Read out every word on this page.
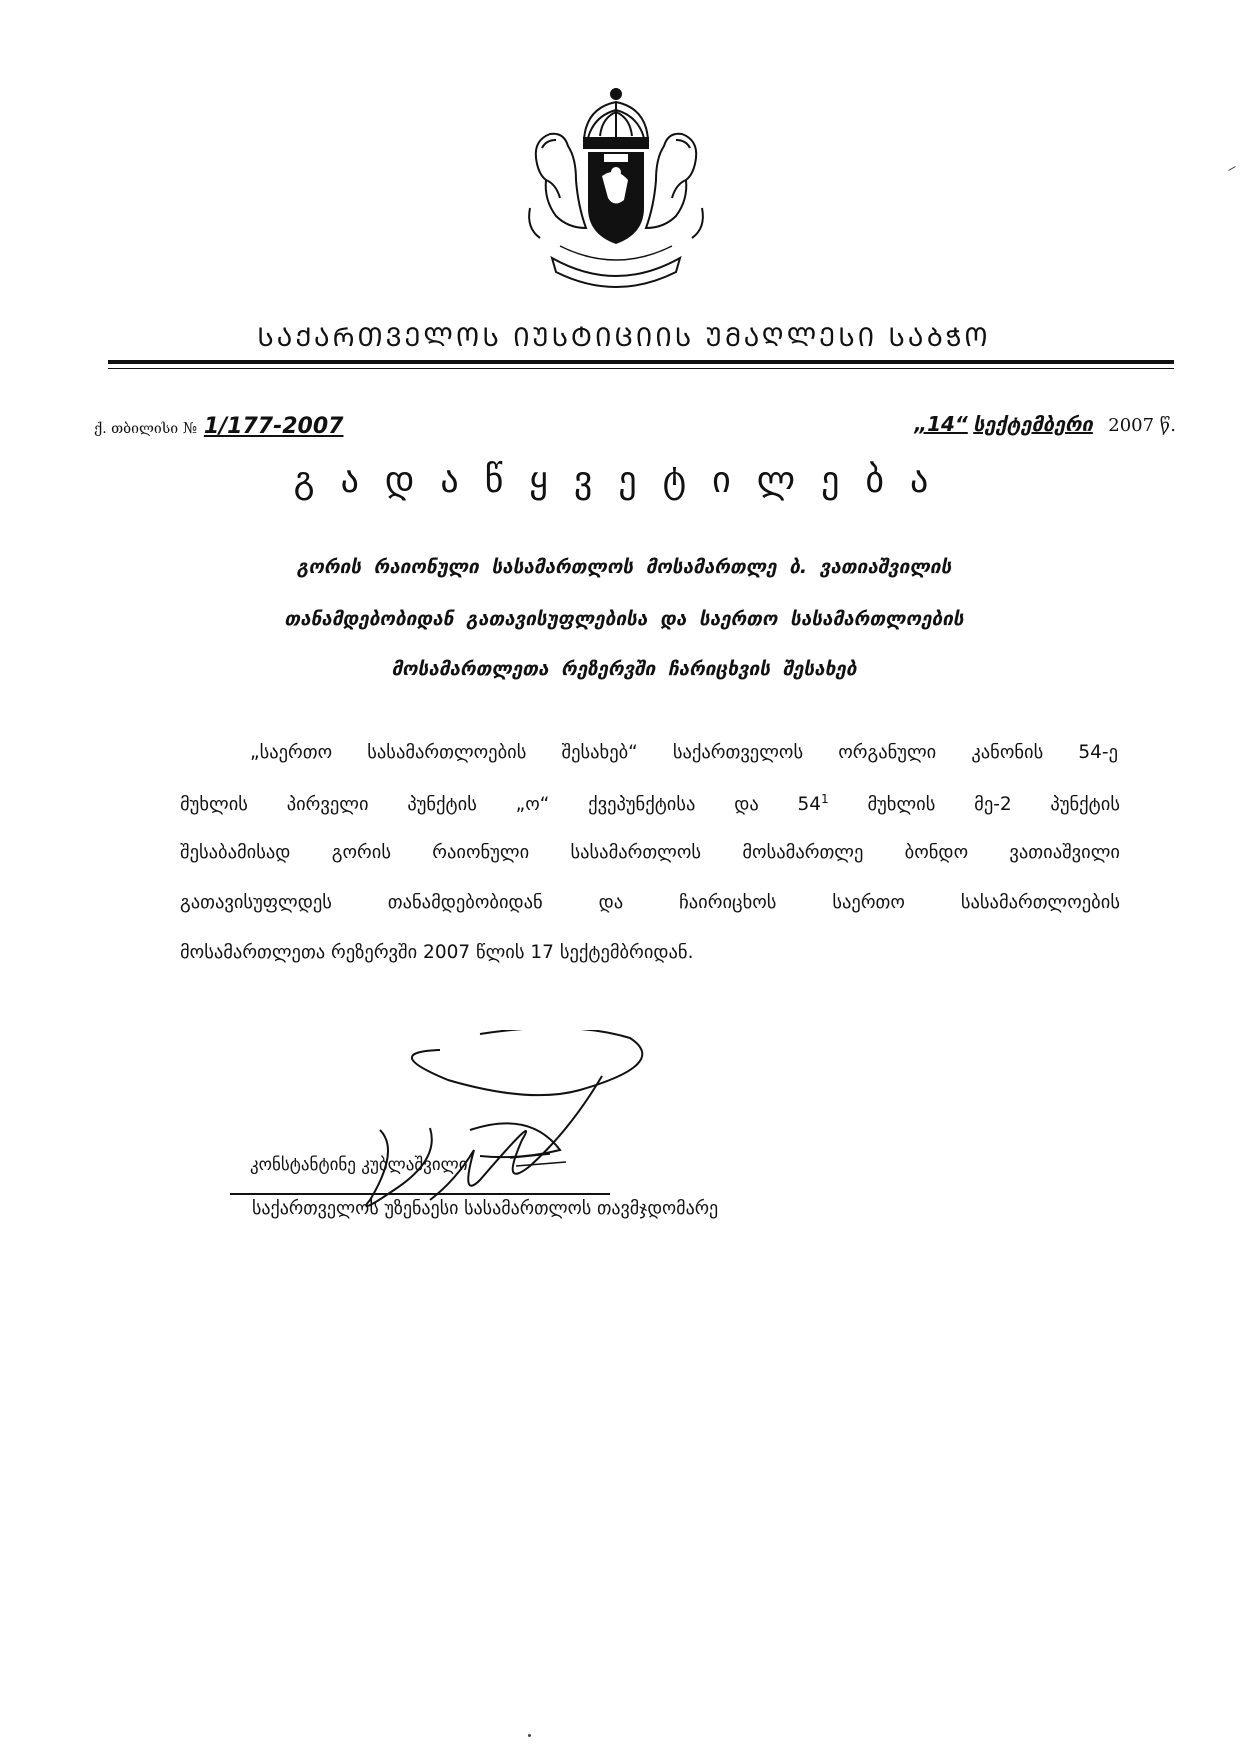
ᲡᲐᲥᲐᲠᲗᲕᲔᲚᲝᲡ ᲘᲣᲡᲢᲘᲪᲘᲘᲡ ᲣᲛᲐᲦᲚᲔᲡᲘ ᲡᲐᲑᲭᲝ
ქ. თბილისი № 1/177-2007	„14“ სექტემბერი 2007 წ.
გადაწყვეტილება
გორის რაიონული სასამართლოს მოსამართლე ბ. ვათიაშვილის
თანამდებობიდან გათავისუფლებისა და საერთო სასამართლოების
მოსამართლეთა რეზერვში ჩარიცხვის შესახებ
„საერთო სასამართლოების შესახებ“ საქართველოს ორგანული კანონის 54-ე
მუხლის პირველი პუნქტის „ო“ ქვეპუნქტისა და $54^1$ მუხლის მე-2 პუნქტის
შესაბამისად გორის რაიონული სასამართლოს მოსამართლე ბონდო ვათიაშვილი
გათავისუფლდეს თანამდებობიდან და ჩაირიცხოს საერთო სასამართლოების
მოსამართლეთა რეზერვში 2007 წლის 17 სექტემბრიდან.
კონსტანტინე კუბლაშვილი
საქართველოს უზენაესი სასამართლოს თავმჯდომარე
